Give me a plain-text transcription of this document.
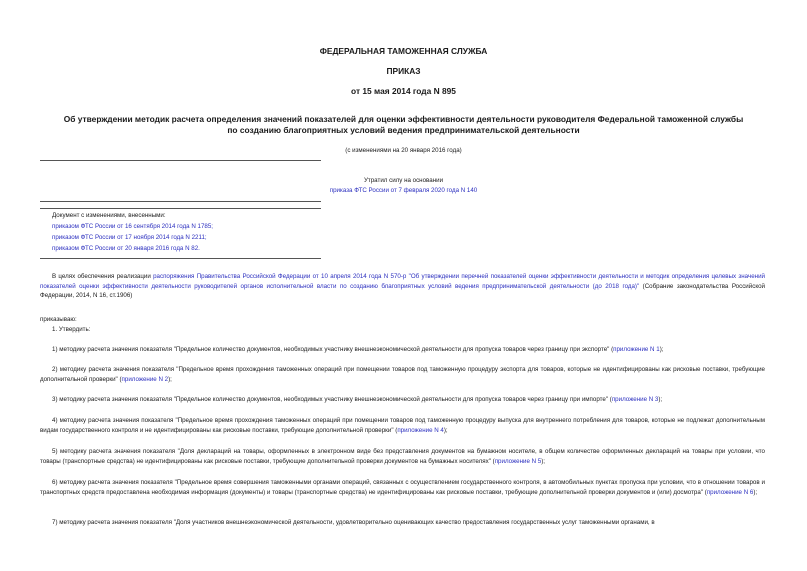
ФЕДЕРАЛЬНАЯ ТАМОЖЕННАЯ СЛУЖБА
ПРИКАЗ
от 15 мая 2014 года N 895
Об утверждении методик расчета определения значений показателей для оценки эффективности деятельности руководителя Федеральной таможенной службы
по созданию благоприятных условий ведения предпринимательской деятельности
(с изменениями на 20 января 2016 года)
Утратил силу на основании
приказа ФТС России от 7 февраля 2020 года N 140
Документ с изменениями, внесенными:
приказом ФТС России от 16 сентября 2014 года N 1785;
приказом ФТС России от 17 ноября 2014 года N 2211;
приказом ФТС России от 20 января 2016 года N 82.
В целях обеспечения реализации распоряжения Правительства Российской Федерации от 10 апреля 2014 года N 570-р "Об утверждении перечней показателей оценки эффективности деятельности и методик определения целевых значений показателей оценки эффективности деятельности руководителей органов исполнительной власти по созданию благоприятных условий ведения предпринимательской деятельности (до 2018 года)" (Собрание законодательства Российской Федерации, 2014, N 16, ст.1906)
приказываю:
1. Утвердить:
1) методику расчета значения показателя "Предельное количество документов, необходимых участнику внешнеэкономической деятельности для пропуска товаров через границу при экспорте" (приложение N 1);
2) методику расчета значения показателя "Предельное время прохождения таможенных операций при помещении товаров под таможенную процедуру экспорта для товаров, которые не идентифицированы как рисковые поставки, требующие дополнительной проверки" (приложение N 2);
3) методику расчета значения показателя "Предельное количество документов, необходимых участнику внешнеэкономической деятельности для пропуска товаров через границу при импорте" (приложение N 3);
4) методику расчета значения показателя "Предельное время прохождения таможенных операций при помещении товаров под таможенную процедуру выпуска для внутреннего потребления для товаров, которые не подлежат дополнительным видам государственного контроля и не идентифицированы как рисковые поставки, требующие дополнительной проверки" (приложение N 4);
5) методику расчета значения показателя "Доля деклараций на товары, оформленных в электронном виде без представления документов на бумажном носителе, в общем количестве оформленных деклараций на товары при условии, что товары (транспортные средства) не идентифицированы как рисковые поставки, требующие дополнительной проверки документов на бумажных носителях" (приложение N 5);
6) методику расчета значения показателя "Предельное время совершения таможенными органами операций, связанных с осуществлением государственного контроля, в автомобильных пунктах пропуска при условии, что в отношении товаров и транспортных средств предоставлена необходимая информация (документы) и товары (транспортные средства) не идентифицированы как рисковые поставки, требующие дополнительной проверки документов и (или) досмотра" (приложение N 6);
7) методику расчета значения показателя "Доля участников внешнеэкономической деятельности, удовлетворительно оценивающих качество предоставления государственных услуг таможенными органами, в
